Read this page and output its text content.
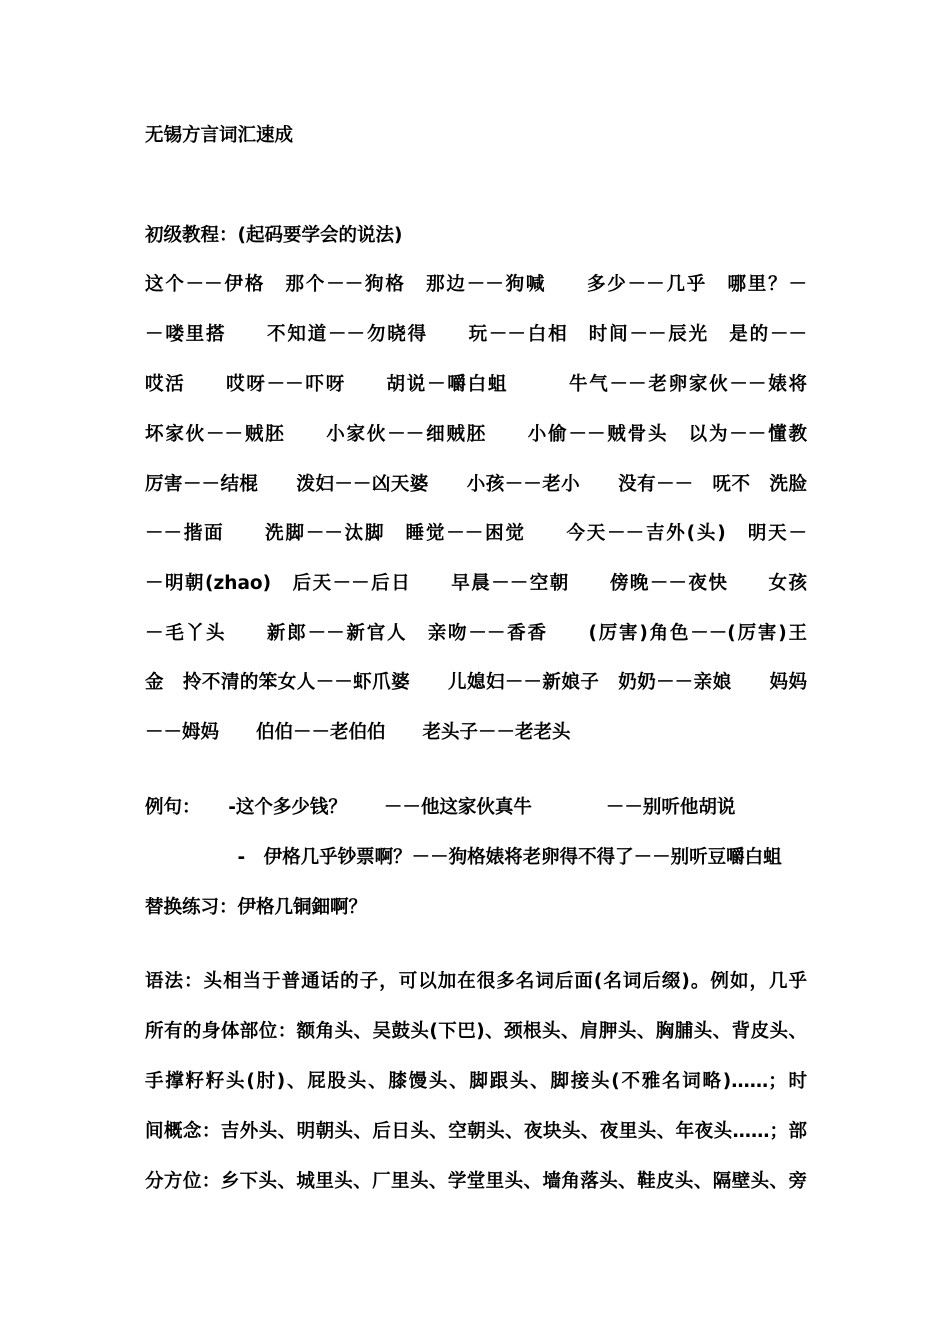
无锡方言词汇速成
初级教程：(起码要学会的说法)
这个－－伊格　那个－－狗格　那边－－狗喊　　多少－－几乎　哪里？－
－喽里搭　　不知道－－勿晓得　　玩－－白相　时间－－辰光　是的－－
哎活　　哎呀－－吓呀　　胡说－嚼白蛆　　　牛气－－老卵家伙－－婊将
坏家伙－－贼胚　　小家伙－－细贼胚　　小偷－－贼骨头　以为－－懂教
厉害－－结棍　　泼妇－－凶天婆　　小孩－－老小　　没有－－　呒不　洗脸
－－揩面　　洗脚－－汰脚　睡觉－－困觉　　今天－－吉外(头)　明天－
－明朝(zhao)　后天－－后日　　早晨－－空朝　　傍晚－－夜快　　女孩
－毛丫头　　新郎－－新官人　亲吻－－香香　　(厉害)角色－－(厉害)王
金　拎不清的笨女人－－虾爪婆　　儿媳妇－－新娘子　奶奶－－亲娘　　妈妈
－－姆妈　　伯伯－－老伯伯　　老头子－－老老头
例句：　　-这个多少钱？　　－－他这家伙真牛　　　　－－别听他胡说
　　　　　-　伊格几乎钞票啊？－－狗格婊将老卵得不得了－－别听豆嚼白蛆
替换练习：伊格几铜鈿啊？
语法：头相当于普通话的子，可以加在很多名词后面(名词后缀)。例如，几乎
所有的身体部位：额角头、吴鼓头(下巴)、颈根头、肩胛头、胸脯头、背皮头、
手撑籽籽头(肘)、屁股头、膝馒头、脚跟头、脚接头(不雅名词略)……；时
间概念：吉外头、明朝头、后日头、空朝头、夜块头、夜里头、年夜头……；部
分方位：乡下头、城里头、厂里头、学堂里头、墙角落头、鞋皮头、隔壁头、旁
